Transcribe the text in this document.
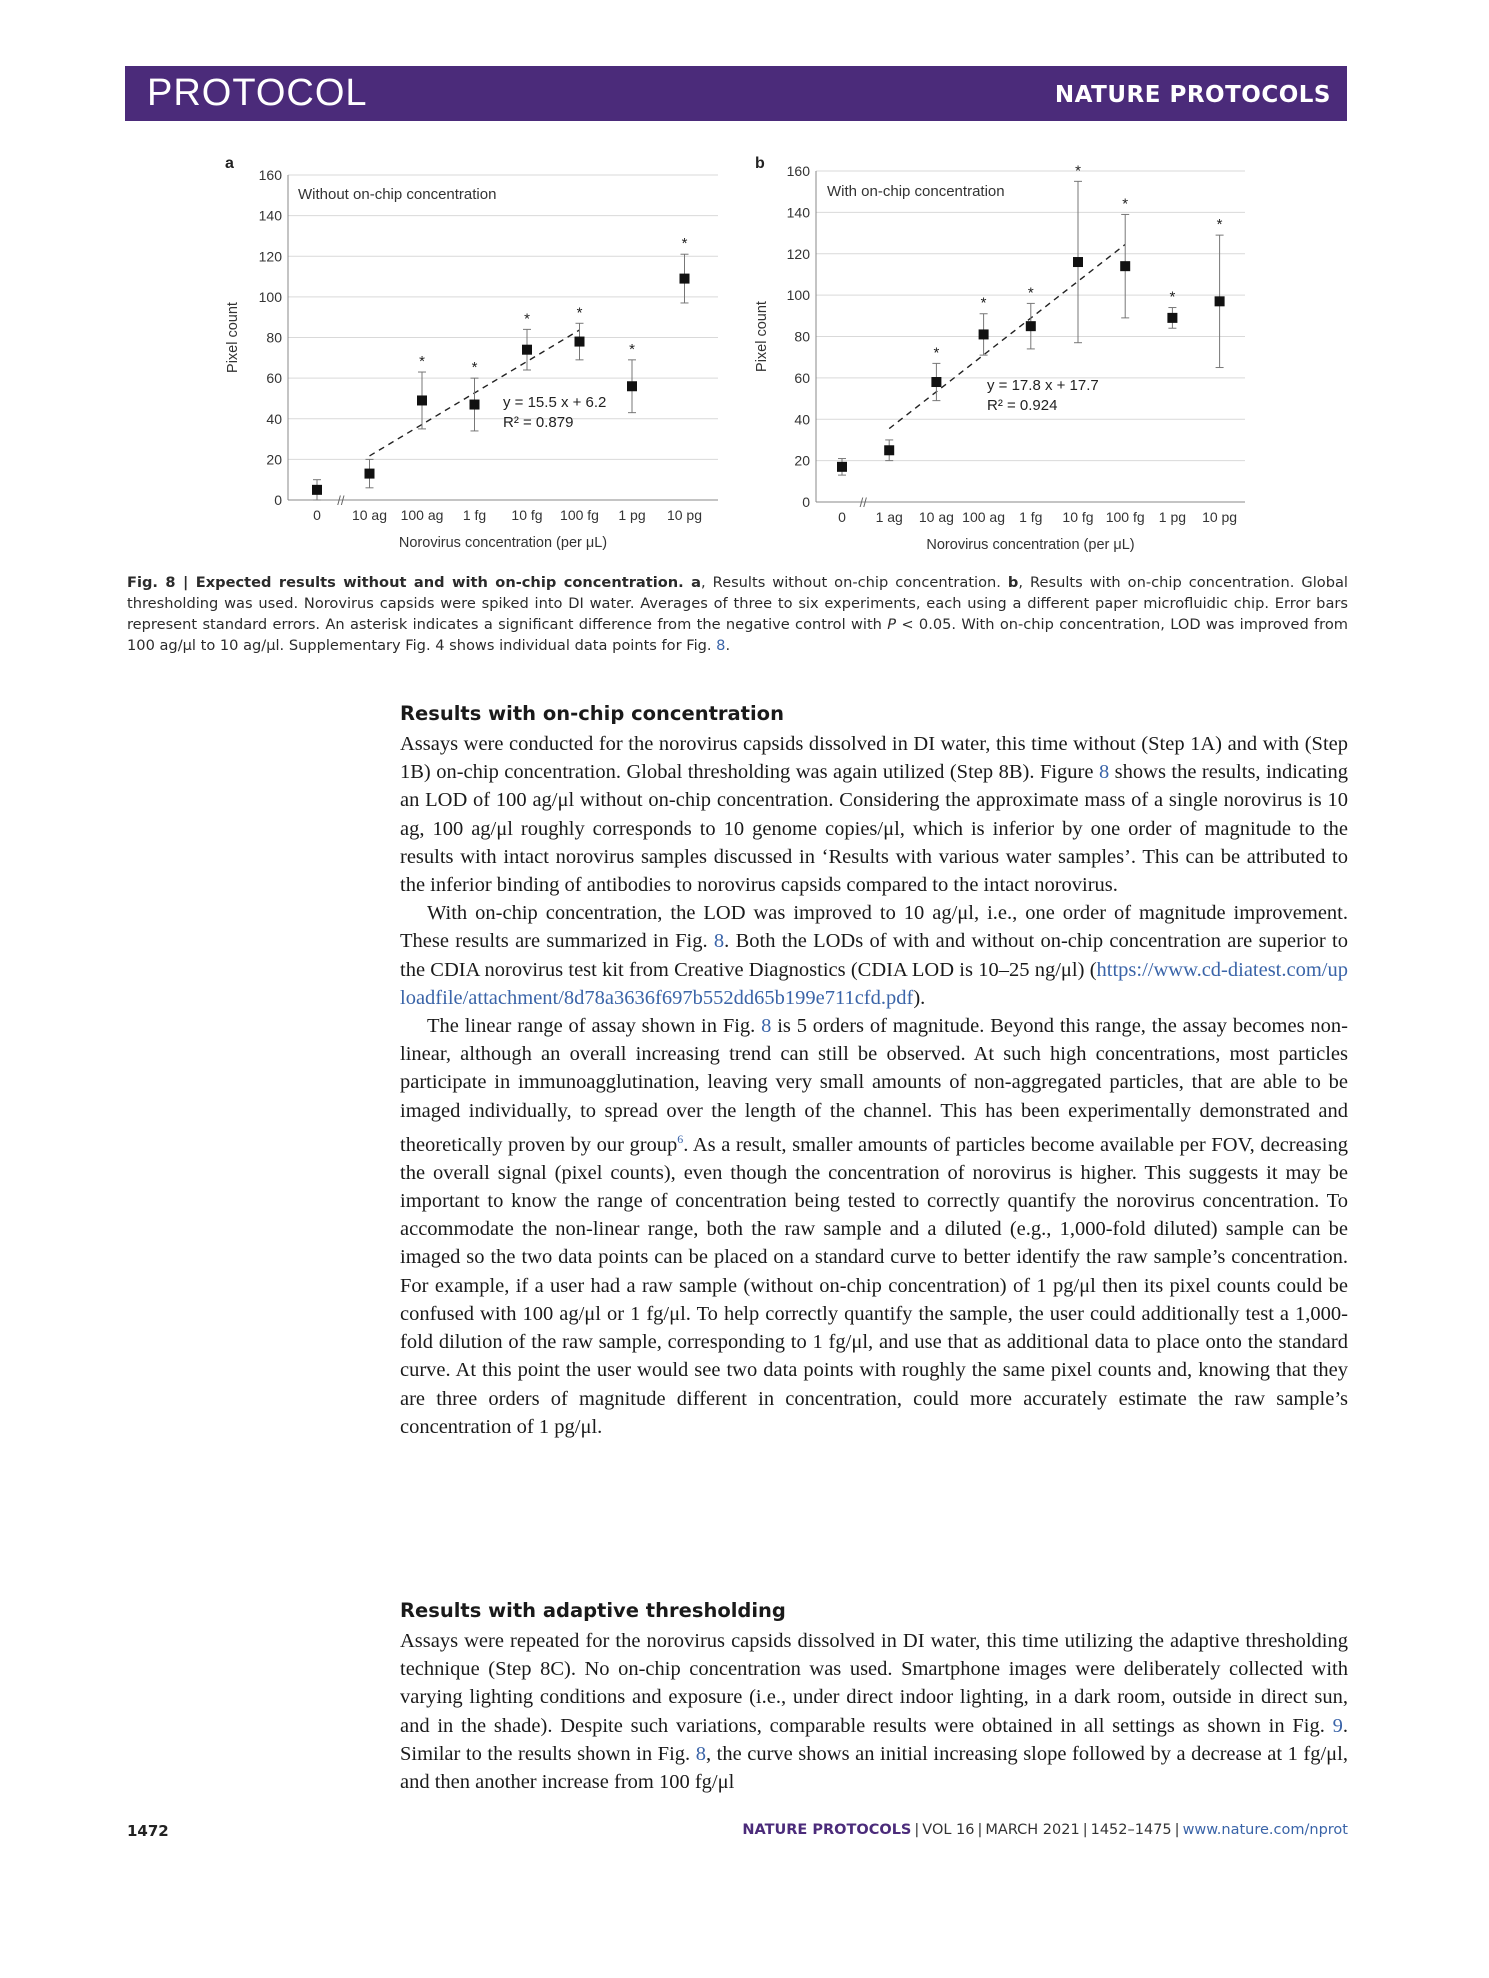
PROTOCOL	NATURE PROTOCOLS
a	b
0
20
40
60
80
100
120
140
160
//
0 10 ag 100 ag 1 fg 10 fg 100 fg 1 pg 10 pg
Norovirus concentration (per μL)
Pixel count
Without on-chip concentration
y = 15.5 x + 6.2
R² = 0.879
*	*
*	*
*
*
0
20
40
60
80
100
120
140
160
//
0 1 ag 10 ag 100 ag 1 fg 10 fg 100 fg 1 pg 10 pg
Norovirus concentration (per μL)
Pixel count
With on-chip concentration
y = 17.8 x + 17.7
R² = 0.924
*
*
*
*
*
*
*
Fig. 8 | Expected results without and with on-chip concentration. a, Results without on-chip concentration. b, Results with on-chip concentration. Global thresholding was used. Norovirus capsids were spiked into DI water. Averages of three to six experiments, each using a different paper microfluidic chip. Error bars represent standard errors. An asterisk indicates a significant difference from the negative control with P < 0.05. With on-chip concentration, LOD was improved from 100 ag/μl to 10 ag/μl. Supplementary Fig. 4 shows individual data points for Fig. 8.
Results with on-chip concentration

Assays were conducted for the norovirus capsids dissolved in DI water, this time without (Step 1A) and with (Step 1B) on-chip concentration. Global thresholding was again utilized (Step 8B). Figure 8 shows the results, indicating an LOD of 100 ag/μl without on-chip concentration. Considering the approximate mass of a single norovirus is 10 ag, 100 ag/μl roughly corresponds to 10 genome copies/μl, which is inferior by one order of magnitude to the results with intact norovirus samples discussed in ‘Results with various water samples’. This can be attributed to the inferior binding of antibodies to norovirus capsids compared to the intact norovirus.

With on-chip concentration, the LOD was improved to 10 ag/μl, i.e., one order of magnitude improvement. These results are summarized in Fig. 8. Both the LODs of with and without on-chip concentration are superior to the CDIA norovirus test kit from Creative Diagnostics (CDIA LOD is 10–25 ng/μl) (https://www.cd-diatest.com/uploadfile/attachment/8d78a3636f697b552dd65b199e711cfd.pdf).

The linear range of assay shown in Fig. 8 is 5 orders of magnitude. Beyond this range, the assay becomes non-linear, although an overall increasing trend can still be observed. At such high concentrations, most particles participate in immunoagglutination, leaving very small amounts of non-aggregated particles, that are able to be imaged individually, to spread over the length of the channel. This has been experimentally demonstrated and theoretically proven by our group$^6$. As a result, smaller amounts of particles become available per FOV, decreasing the overall signal (pixel counts), even though the concentration of norovirus is higher. This suggests it may be important to know the range of concentration being tested to correctly quantify the norovirus concentration. To accommodate the non-linear range, both the raw sample and a diluted (e.g., 1,000-fold diluted) sample can be imaged so the two data points can be placed on a standard curve to better identify the raw sample’s concentration. For example, if a user had a raw sample (without on-chip concentration) of 1 pg/μl then its pixel counts could be confused with 100 ag/μl or 1 fg/μl. To help correctly quantify the sample, the user could additionally test a 1,000-fold dilution of the raw sample, corresponding to 1 fg/μl, and use that as additional data to place onto the standard curve. At this point the user would see two data points with roughly the same pixel counts and, knowing that they are three orders of magnitude different in concentration, could more accurately estimate the raw sample’s concentration of 1 pg/μl.

Results with adaptive thresholding

Assays were repeated for the norovirus capsids dissolved in DI water, this time utilizing the adaptive thresholding technique (Step 8C). No on-chip concentration was used. Smartphone images were deliberately collected with varying lighting conditions and exposure (i.e., under direct indoor lighting, in a dark room, outside in direct sun, and in the shade). Despite such variations, comparable results were obtained in all settings as shown in Fig. 9. Similar to the results shown in Fig. 8, the curve shows an initial increasing slope followed by a decrease at 1 fg/μl, and then another increase from 100 fg/μl

1472	NATURE PROTOCOLS | VOL 16 | MARCH 2021 | 1452–1475 | www.nature.com/nprot
